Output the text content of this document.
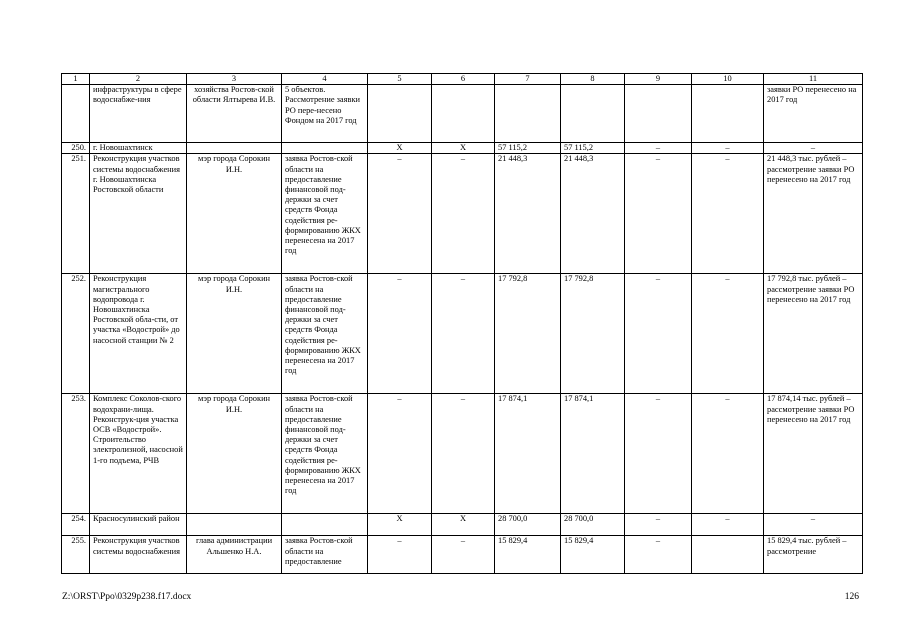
1	2	3	4	5	6	7	8	9	10	11
	инфраструктуры в сфере водоснабже-ния	хозяйства Ростов-ской области Ялтырева И.В.	5 объектов. Рассмотрение заявки РО пере-несено Фондом на 2017 год							заявки РО перенесено на 2017 год
250.	г. Новошахтинск			X	X	57 115,2	57 115,2	–	–	–
251.	Реконструкция участков системы водоснабжения г. Новошахтинска Ростовской области	мэр города Сорокин И.Н.	заявка Ростов-ской области на предоставление финансовой под-держки за счет средств Фонда содействия ре-формированию ЖКХ перенесена на 2017 год	–	–	21 448,3	21 448,3	–	–	21 448,3 тыс. рублей – рассмотрение заявки РО перенесено на 2017 год
252.	Реконструкция магистрального водопровода г. Новошахтинска Ростовской обла-сти, от участка «Водострой» до насосной станции № 2	мэр города Сорокин И.Н.	заявка Ростов-ской области на предоставление финансовой под-держки за счет средств Фонда содействия ре-формированию ЖКХ перенесена на 2017 год	–	–	17 792,8	17 792,8	–	–	17 792,8 тыс. рублей – рассмотрение заявки РО перенесено на 2017 год
253.	Комплекс Соколов-ского водохрани-лища. Реконструк-ция участка ОСВ «Водострой». Строительство электролизной, насосной 1-го подъема, РЧВ	мэр города Сорокин И.Н.	заявка Ростов-ской области на предоставление финансовой под-держки за счет средств Фонда содействия ре-формированию ЖКХ перенесена на 2017 год	–	–	17 874,1	17 874,1	–	–	17 874,14 тыс. рублей – рассмотрение заявки РО перенесено на 2017 год
254.	Красносулинский район			X	X	28 700,0	28 700,0	–	–	–
255.	Реконструкция участков системы водоснабжения	глава администрации Альшенко Н.А.	заявка Ростов-ской области на предоставление	–	–	15 829,4	15 829,4	–		15 829,4 тыс. рублей – рассмотрение
Z:\ORST\Ppo\0329p238.f17.docx	126
